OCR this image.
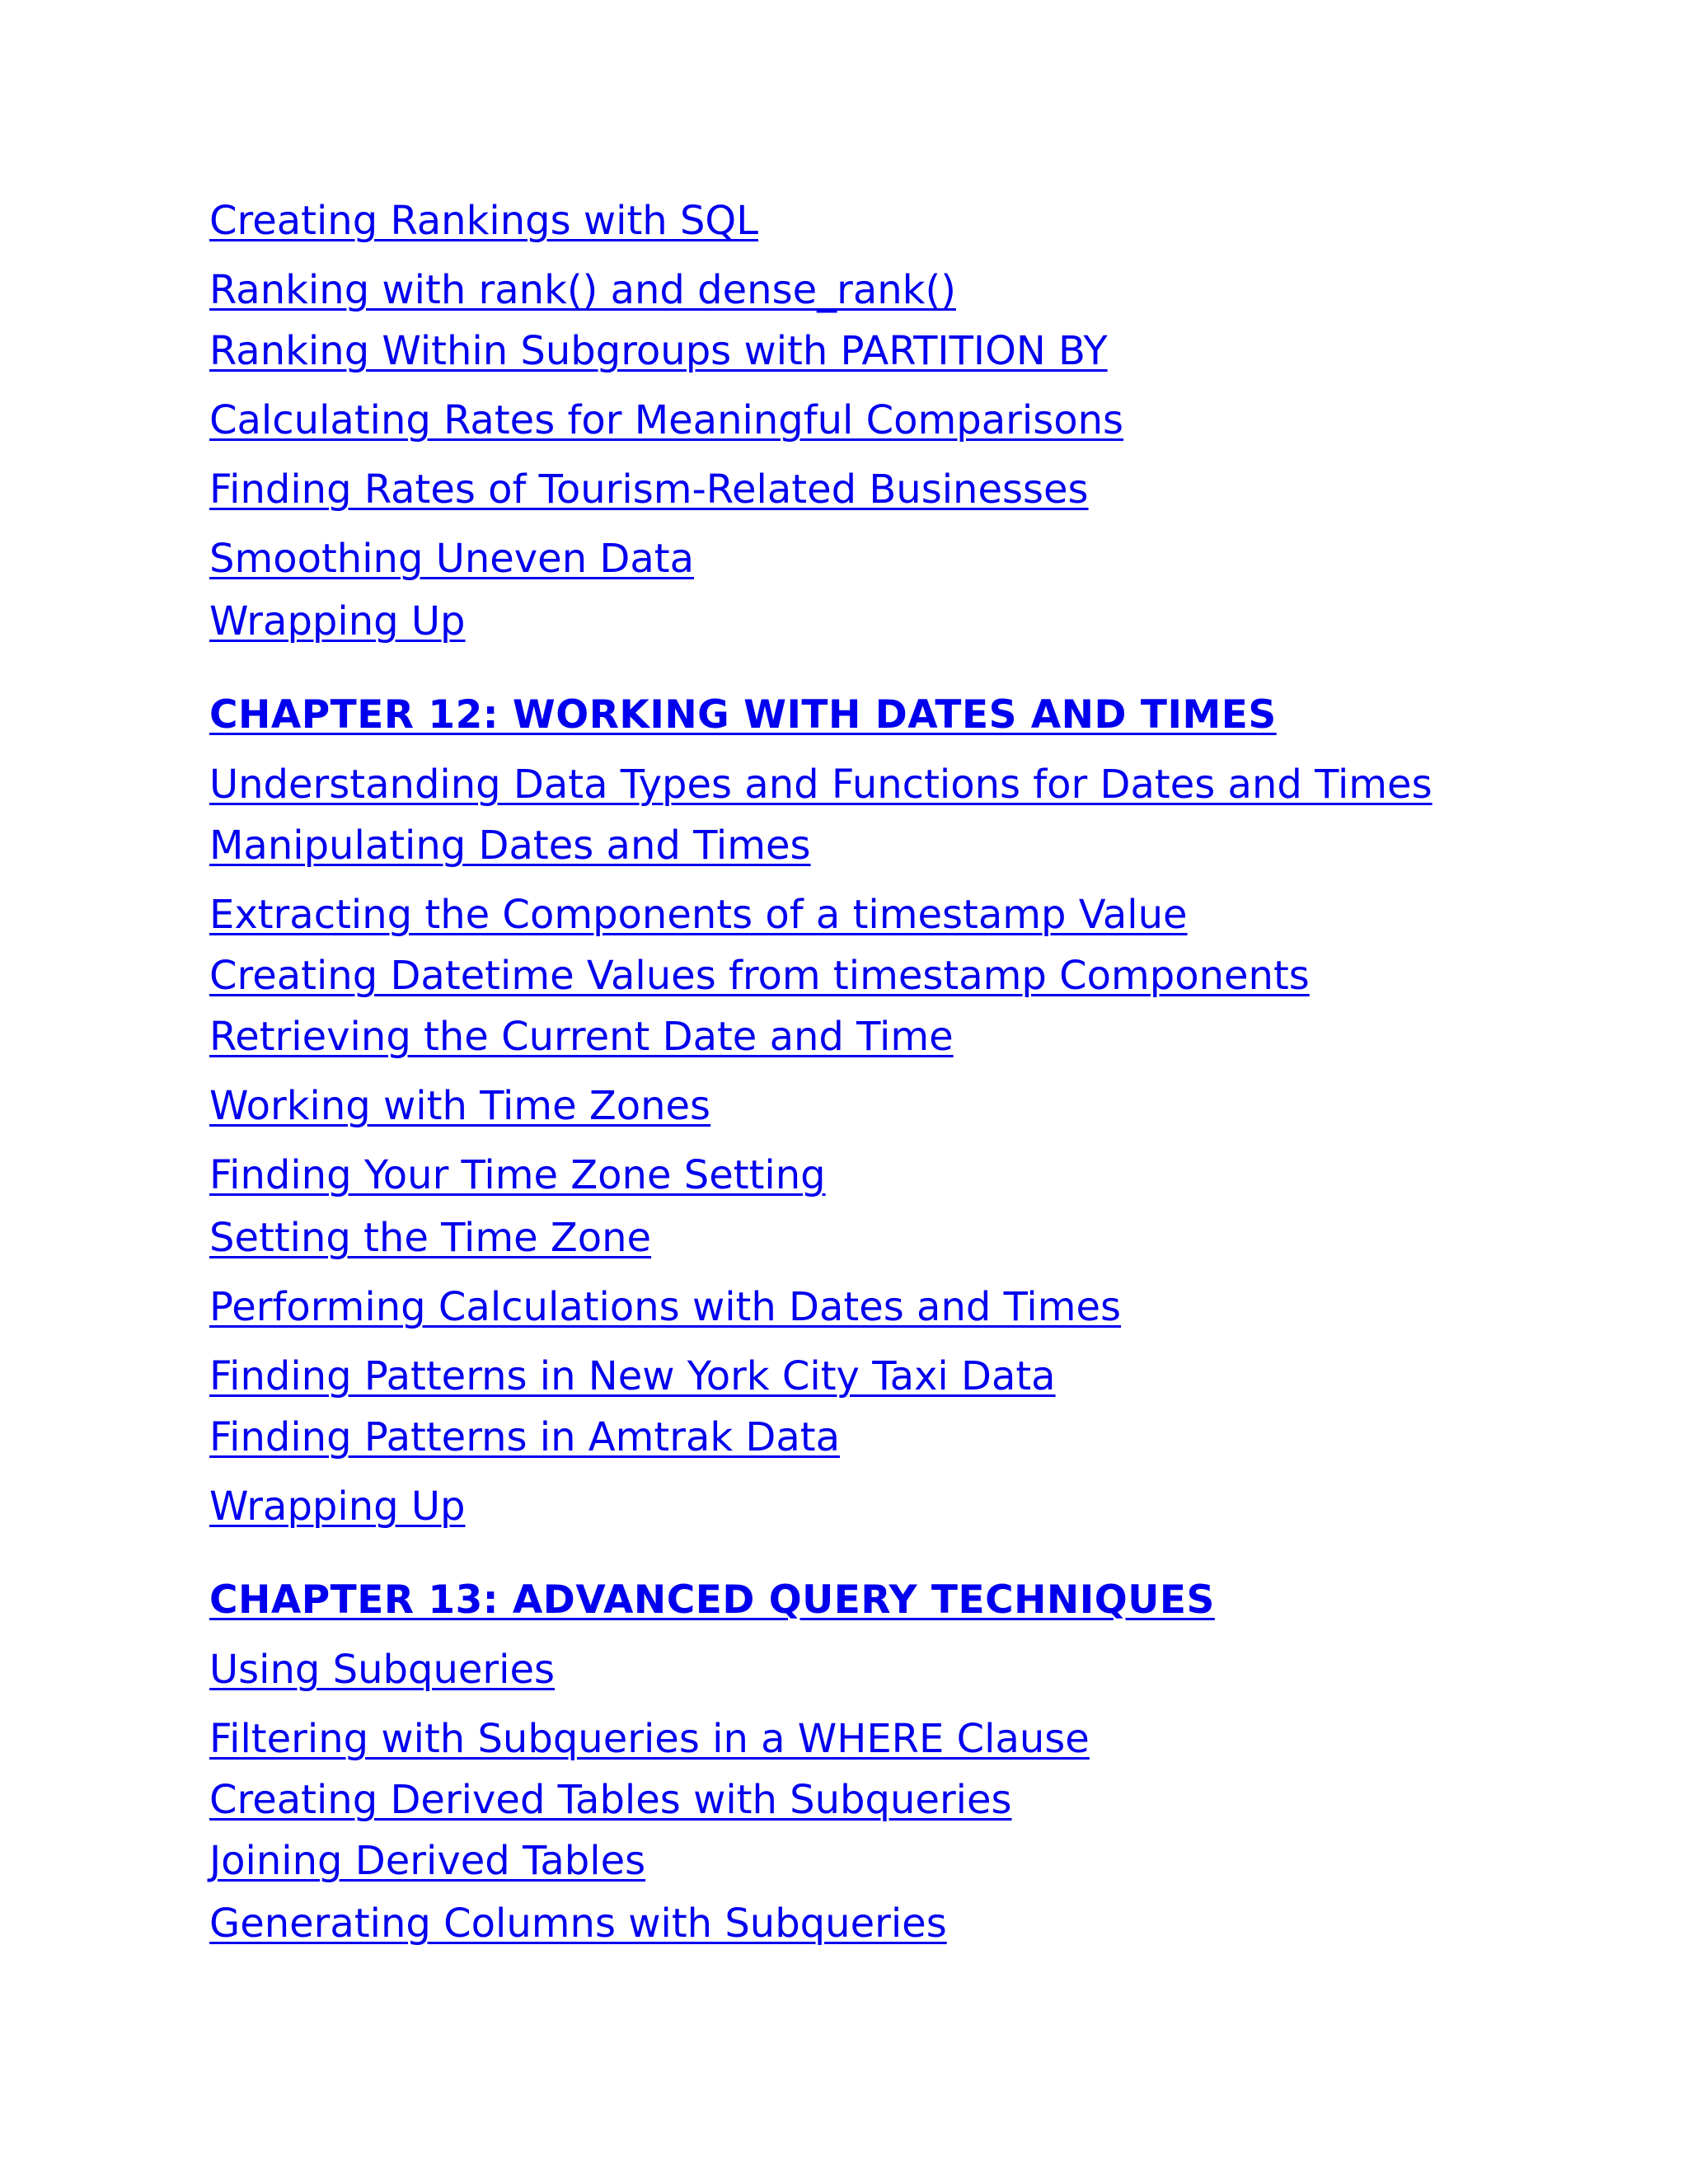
Creating Rankings with SQL
Ranking with rank() and dense_rank()
Ranking Within Subgroups with PARTITION BY
Calculating Rates for Meaningful Comparisons
Finding Rates of Tourism-Related Businesses
Smoothing Uneven Data
Wrapping Up
CHAPTER 12: WORKING WITH DATES AND TIMES
Understanding Data Types and Functions for Dates and Times
Manipulating Dates and Times
Extracting the Components of a timestamp Value
Creating Datetime Values from timestamp Components
Retrieving the Current Date and Time
Working with Time Zones
Finding Your Time Zone Setting
Setting the Time Zone
Performing Calculations with Dates and Times
Finding Patterns in New York City Taxi Data
Finding Patterns in Amtrak Data
Wrapping Up
CHAPTER 13: ADVANCED QUERY TECHNIQUES
Using Subqueries
Filtering with Subqueries in a WHERE Clause
Creating Derived Tables with Subqueries
Joining Derived Tables
Generating Columns with Subqueries
